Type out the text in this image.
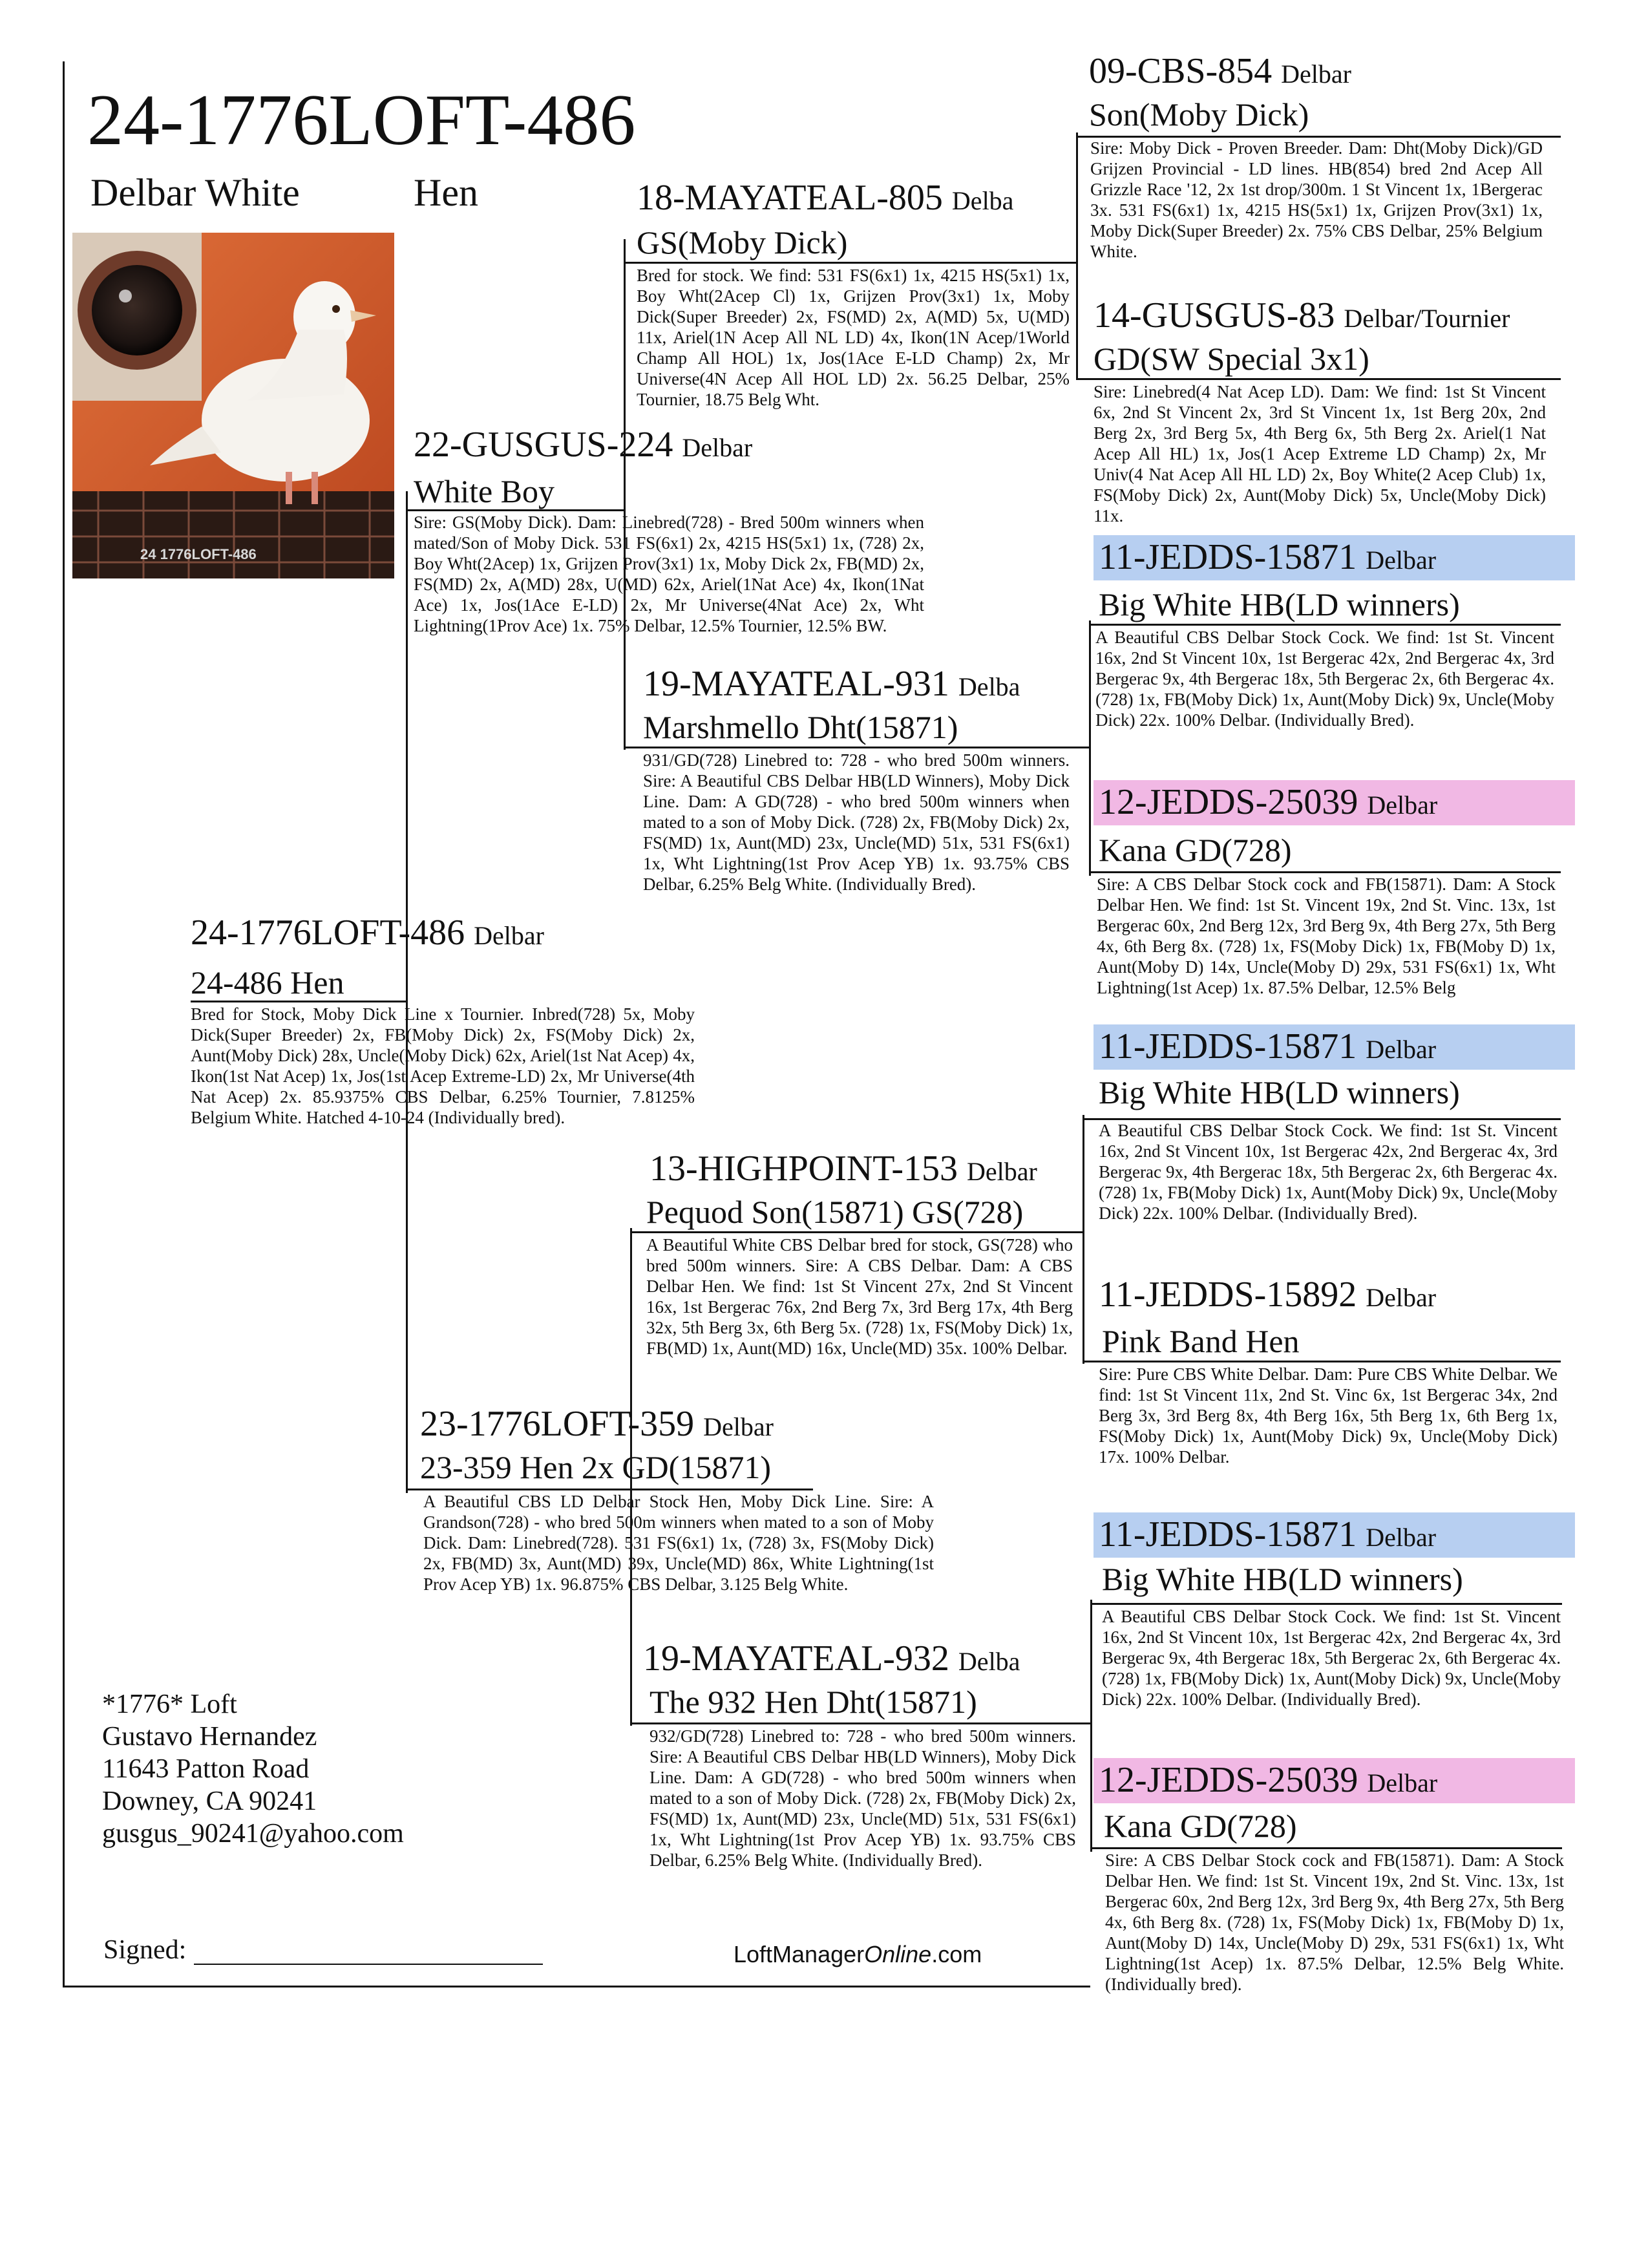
24-1776LOFT-486
Delbar White	Hen
24 1776LOFT-486
24-1776LOFT-486 Delbar
24-486 Hen
Bred for Stock, Moby Dick Line x Tournier. Inbred(728) 5x, Moby Dick(Super Breeder) 2x, FB(Moby Dick) 2x, FS(Moby Dick) 2x, Aunt(Moby Dick) 28x, Uncle(Moby Dick) 62x, Ariel(1st Nat Acep) 4x, Ikon(1st Nat Acep) 1x, Jos(1st Acep Extreme-LD) 2x, Mr Universe(4th Nat Acep) 2x. 85.9375% CBS Delbar, 6.25% Tournier, 7.8125% Belgium White. Hatched 4-10-24 (Individually bred).
22-GUSGUS-224 Delbar
White Boy
Sire: GS(Moby Dick). Dam: Linebred(728) - Bred 500m winners when mated/Son of Moby Dick. 531 FS(6x1) 2x, 4215 HS(5x1) 1x, (728) 2x, Boy Wht(2Acep) 1x, Grijzen Prov(3x1) 1x, Moby Dick 2x, FB(MD) 2x, FS(MD) 2x, A(MD) 28x, U(MD) 62x, Ariel(1Nat Ace) 4x, Ikon(1Nat Ace) 1x, Jos(1Ace E-LD) 2x, Mr Universe(4Nat Ace) 2x, Wht Lightning(1Prov Ace) 1x. 75% Delbar, 12.5% Tournier, 12.5% BW.
23-1776LOFT-359 Delbar
23-359 Hen 2x GD(15871)
A Beautiful CBS LD Delbar Stock Hen, Moby Dick Line. Sire: A Grandson(728) - who bred 500m winners when mated to a son of Moby Dick. Dam: Linebred(728). 531 FS(6x1) 1x, (728) 3x, FS(Moby Dick) 2x, FB(MD) 3x, Aunt(MD) 39x, Uncle(MD) 86x, White Lightning(1st Prov Acep YB) 1x. 96.875% CBS Delbar, 3.125 Belg White.
18-MAYATEAL-805 Delba
GS(Moby Dick)
Bred for stock. We find: 531 FS(6x1) 1x, 4215 HS(5x1) 1x, Boy Wht(2Acep Cl) 1x, Grijzen Prov(3x1) 1x, Moby Dick(Super Breeder) 2x, FS(MD) 2x, A(MD) 5x, U(MD) 11x, Ariel(1N Acep All NL LD) 4x, Ikon(1N Acep/1World Champ All HOL) 1x, Jos(1Ace E-LD Champ) 2x, Mr Universe(4N Acep All HOL LD) 2x. 56.25 Delbar, 25% Tournier, 18.75 Belg Wht.
19-MAYATEAL-931 Delba
Marshmello Dht(15871)
931/GD(728) Linebred to: 728 - who bred 500m winners. Sire: A Beautiful CBS Delbar HB(LD Winners), Moby Dick Line. Dam: A GD(728) - who bred 500m winners when mated to a son of Moby Dick. (728) 2x, FB(Moby Dick) 2x, FS(MD) 1x, Aunt(MD) 23x, Uncle(MD) 51x, 531 FS(6x1) 1x, Wht Lightning(1st Prov Acep YB) 1x. 93.75% CBS Delbar, 6.25% Belg White. (Individually Bred).
13-HIGHPOINT-153 Delbar
Pequod Son(15871) GS(728)
A Beautiful White CBS Delbar bred for stock, GS(728) who bred 500m winners. Sire: A CBS Delbar. Dam: A CBS Delbar Hen. We find: 1st St Vincent 27x, 2nd St Vincent 16x, 1st Bergerac 76x, 2nd Berg 7x, 3rd Berg 17x, 4th Berg 32x, 5th Berg 3x, 6th Berg 5x. (728) 1x, FS(Moby Dick) 1x, FB(MD) 1x, Aunt(MD) 16x, Uncle(MD) 35x. 100% Delbar.
19-MAYATEAL-932 Delba
The 932 Hen Dht(15871)
932/GD(728) Linebred to: 728 - who bred 500m winners. Sire: A Beautiful CBS Delbar HB(LD Winners), Moby Dick Line. Dam: A GD(728) - who bred 500m winners when mated to a son of Moby Dick. (728) 2x, FB(Moby Dick) 2x, FS(MD) 1x, Aunt(MD) 23x, Uncle(MD) 51x, 531 FS(6x1) 1x, Wht Lightning(1st Prov Acep YB) 1x. 93.75% CBS Delbar, 6.25% Belg White. (Individually Bred).
09-CBS-854 Delbar
Son(Moby Dick)
Sire: Moby Dick - Proven Breeder. Dam: Dht(Moby Dick)/GD Grijzen Provincial - LD lines. HB(854) bred 2nd Acep All Grizzle Race '12, 2x 1st drop/300m. 1 St Vincent 1x, 1Bergerac 3x. 531 FS(6x1) 1x, 4215 HS(5x1) 1x, Grijzen Prov(3x1) 1x, Moby Dick(Super Breeder) 2x. 75% CBS Delbar, 25% Belgium White.
14-GUSGUS-83 Delbar/Tournier
GD(SW Special 3x1)
Sire: Linebred(4 Nat Acep LD). Dam: We find: 1st St Vincent 6x, 2nd St Vincent 2x, 3rd St Vincent 1x, 1st Berg 20x, 2nd Berg 2x, 3rd Berg 5x, 4th Berg 6x, 5th Berg 2x. Ariel(1 Nat Acep All HL) 1x, Jos(1 Acep Extreme LD Champ) 2x, Mr Univ(4 Nat Acep All HL LD) 2x, Boy White(2 Acep Club) 1x, FS(Moby Dick) 2x, Aunt(Moby Dick) 5x, Uncle(Moby Dick) 11x.
11-JEDDS-15871 Delbar
Big White HB(LD winners)
A Beautiful CBS Delbar Stock Cock. We find: 1st St. Vincent 16x, 2nd St Vincent 10x, 1st Bergerac 42x, 2nd Bergerac 4x, 3rd Bergerac 9x, 4th Bergerac 18x, 5th Bergerac 2x, 6th Bergerac 4x. (728) 1x, FB(Moby Dick) 1x, Aunt(Moby Dick) 9x, Uncle(Moby Dick) 22x. 100% Delbar. (Individually Bred).
12-JEDDS-25039 Delbar
Kana GD(728)
Sire: A CBS Delbar Stock cock and FB(15871). Dam: A Stock Delbar Hen. We find: 1st St. Vincent 19x, 2nd St. Vinc. 13x, 1st Bergerac 60x, 2nd Berg 12x, 3rd Berg 9x, 4th Berg 27x, 5th Berg 4x, 6th Berg 8x. (728) 1x, FS(Moby Dick) 1x, FB(Moby D) 1x, Aunt(Moby D) 14x, Uncle(Moby D) 29x, 531 FS(6x1) 1x, Wht Lightning(1st Acep) 1x. 87.5% Delbar, 12.5% Belg
11-JEDDS-15871 Delbar
Big White HB(LD winners)
A Beautiful CBS Delbar Stock Cock. We find: 1st St. Vincent 16x, 2nd St Vincent 10x, 1st Bergerac 42x, 2nd Bergerac 4x, 3rd Bergerac 9x, 4th Bergerac 18x, 5th Bergerac 2x, 6th Bergerac 4x. (728) 1x, FB(Moby Dick) 1x, Aunt(Moby Dick) 9x, Uncle(Moby Dick) 22x. 100% Delbar. (Individually Bred).
11-JEDDS-15892 Delbar
Pink Band Hen
Sire: Pure CBS White Delbar. Dam: Pure CBS White Delbar. We find: 1st St Vincent 11x, 2nd St. Vinc 6x, 1st Bergerac 34x, 2nd Berg 3x, 3rd Berg 8x, 4th Berg 16x, 5th Berg 1x, 6th Berg 1x, FS(Moby Dick) 1x, Aunt(Moby Dick) 9x, Uncle(Moby Dick) 17x. 100% Delbar.
11-JEDDS-15871 Delbar
Big White HB(LD winners)
A Beautiful CBS Delbar Stock Cock. We find: 1st St. Vincent 16x, 2nd St Vincent 10x, 1st Bergerac 42x, 2nd Bergerac 4x, 3rd Bergerac 9x, 4th Bergerac 18x, 5th Bergerac 2x, 6th Bergerac 4x. (728) 1x, FB(Moby Dick) 1x, Aunt(Moby Dick) 9x, Uncle(Moby Dick) 22x. 100% Delbar. (Individually Bred).
12-JEDDS-25039 Delbar
Kana GD(728)
Sire: A CBS Delbar Stock cock and FB(15871). Dam: A Stock Delbar Hen. We find: 1st St. Vincent 19x, 2nd St. Vinc. 13x, 1st Bergerac 60x, 2nd Berg 12x, 3rd Berg 9x, 4th Berg 27x, 5th Berg 4x, 6th Berg 8x. (728) 1x, FS(Moby Dick) 1x, FB(Moby D) 1x, Aunt(Moby D) 14x, Uncle(Moby D) 29x, 531 FS(6x1) 1x, Wht Lightning(1st Acep) 1x. 87.5% Delbar, 12.5% Belg White. (Individually bred).
*1776* Loft
Gustavo Hernandez
11643 Patton Road
Downey, CA 90241
gusgus_90241@yahoo.com
Signed:	LoftManagerOnline.com
